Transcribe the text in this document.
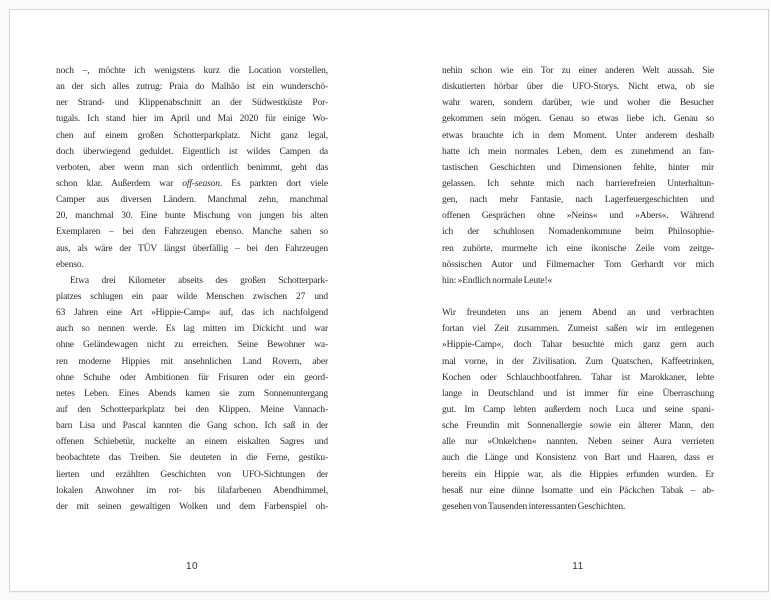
noch –, möchte ich wenigstens kurz die Location vorstellen,
an der sich alles zutrug: Praia do Malhão ist ein wunderschö-
ner Strand- und Klippenabschnitt an der Südwestküste Por-
tugals. Ich stand hier im April und Mai 2020 für einige Wo-
chen auf einem großen Schotterparkplatz. Nicht ganz legal,
doch überwiegend geduldet. Eigentlich ist wildes Campen da
verboten, aber wenn man sich ordentlich benimmt, geht das
schon klar. Außerdem war off-season. Es parkten dort viele
Camper aus diversen Ländern. Manchmal zehn, manchmal
20, manchmal 30. Eine bunte Mischung von jungen bis alten
Exemplaren – bei den Fahrzeugen ebenso. Manche sahen so
aus, als wäre der TÜV längst überfällig – bei den Fahrzeugen
ebenso.
Etwa drei Kilometer abseits des großen Schotterpark-
platzes schlugen ein paar wilde Menschen zwischen 27 und
63 Jahren eine Art »Hippie-Camp« auf, das ich nachfolgend
auch so nennen werde. Es lag mitten im Dickicht und war
ohne Geländewagen nicht zu erreichen. Seine Bewohner wa-
ren moderne Hippies mit ansehnlichen Land Rovern, aber
ohne Schuhe oder Ambitionen für Frisuren oder ein geord-
netes Leben. Eines Abends kamen sie zum Sonnenuntergang
auf den Schotterparkplatz bei den Klippen. Meine Vannach-
barn Lisa und Pascal kannten die Gang schon. Ich saß in der
offenen Schiebetür, nuckelte an einem eiskalten Sagres und
beobachtete das Treiben. Sie deuteten in die Ferne, gestiku-
lierten und erzählten Geschichten von UFO-Sichtungen der
lokalen Anwohner im rot- bis lilafarbenen Abendhimmel,
der mit seinen gewaltigen Wolken und dem Farbenspiel oh-
10
nehin schon wie ein Tor zu einer anderen Welt aussah. Sie
diskutierten hörbar über die UFO-Storys. Nicht etwa, ob sie
wahr waren, sondern darüber, wie und woher die Besucher
gekommen sein mögen. Genau so etwas liebe ich. Genau so
etwas brauchte ich in dem Moment. Unter anderem deshalb
hatte ich mein normales Leben, dem es zunehmend an fan-
tastischen Geschichten und Dimensionen fehlte, hinter mir
gelassen. Ich sehnte mich nach barrierefreien Unterhaltun-
gen, nach mehr Fantasie, nach Lagerfeuergeschichten und
offenen Gesprächen ohne »Neins« und »Abers«. Während
ich der schuhlosen Nomadenkommune beim Philosophie-
ren zuhörte, murmelte ich eine ikonische Zeile vom zeitge-
nössischen Autor und Filmemacher Tom Gerhardt vor mich
hin: »Endlich normale Leute!«
Wir freundeten uns an jenem Abend an und verbrachten
fortan viel Zeit zusammen. Zumeist saßen wir im entlegenen
»Hippie-Camp«, doch Tahar besuchte mich ganz gern auch
mal vorne, in der Zivilisation. Zum Quatschen, Kaffeetrinken,
Kochen oder Schlauchbootfahren. Tahar ist Marokkaner, lebte
lange in Deutschland und ist immer für eine Überraschung
gut. Im Camp lebten außerdem noch Luca und seine spani-
sche Freundin mit Sonnenallergie sowie ein älterer Mann, den
alle nur »Onkelchen« nannten. Neben seiner Aura verrieten
auch die Länge und Konsistenz von Bart und Haaren, dass er
bereits ein Hippie war, als die Hippies erfunden wurden. Er
besaß nur eine dünne Isomatte und ein Päckchen Tabak – ab-
gesehen von Tausenden interessanten Geschichten.
11
